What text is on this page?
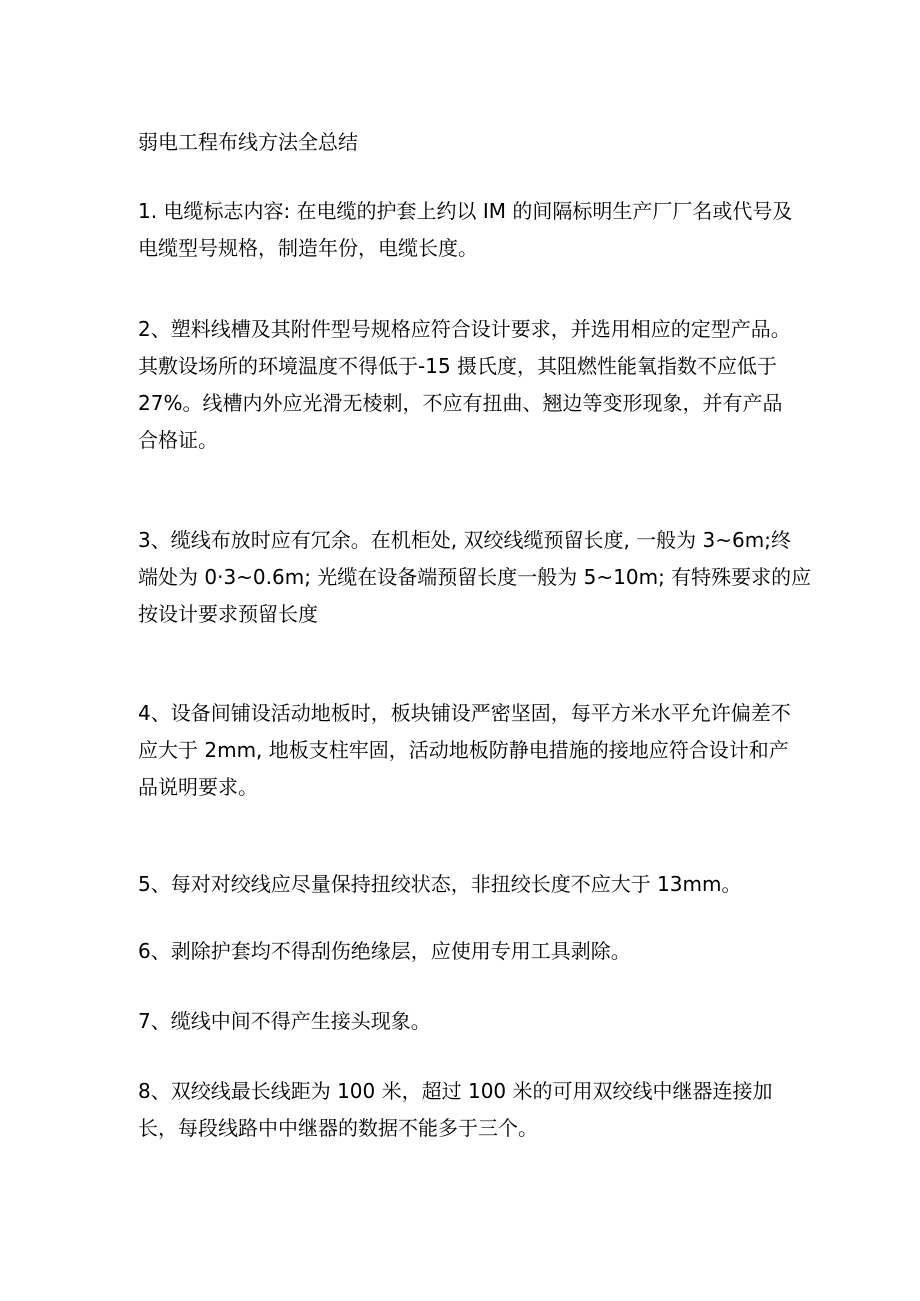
弱电工程布线方法全总结
1. 电缆标志内容: 在电缆的护套上约以 IM 的间隔标明生产厂厂名或代号及
电缆型号规格，制造年份，电缆长度。
2、塑料线槽及其附件型号规格应符合设计要求，并选用相应的定型产品。
其敷设场所的环境温度不得低于-15 摄氏度，其阻燃性能氧指数不应低于
27%。线槽内外应光滑无棱刺，不应有扭曲、翘边等变形现象，并有产品
合格证。
3、缆线布放时应有冗余。在机柜处, 双绞线缆预留长度, 一般为 3~6m;终
端处为 0·3~0.6m; 光缆在设备端预留长度一般为 5~10m; 有特殊要求的应
按设计要求预留长度
4、设备间铺设活动地板时，板块铺设严密坚固，每平方米水平允许偏差不
应大于 2mm, 地板支柱牢固，活动地板防静电措施的接地应符合设计和产
品说明要求。
5、每对对绞线应尽量保持扭绞状态，非扭绞长度不应大于 13mm。
6、剥除护套均不得刮伤绝缘层，应使用专用工具剥除。
7、缆线中间不得产生接头现象。
8、双绞线最长线距为 100 米，超过 100 米的可用双绞线中继器连接加
长，每段线路中中继器的数据不能多于三个。
